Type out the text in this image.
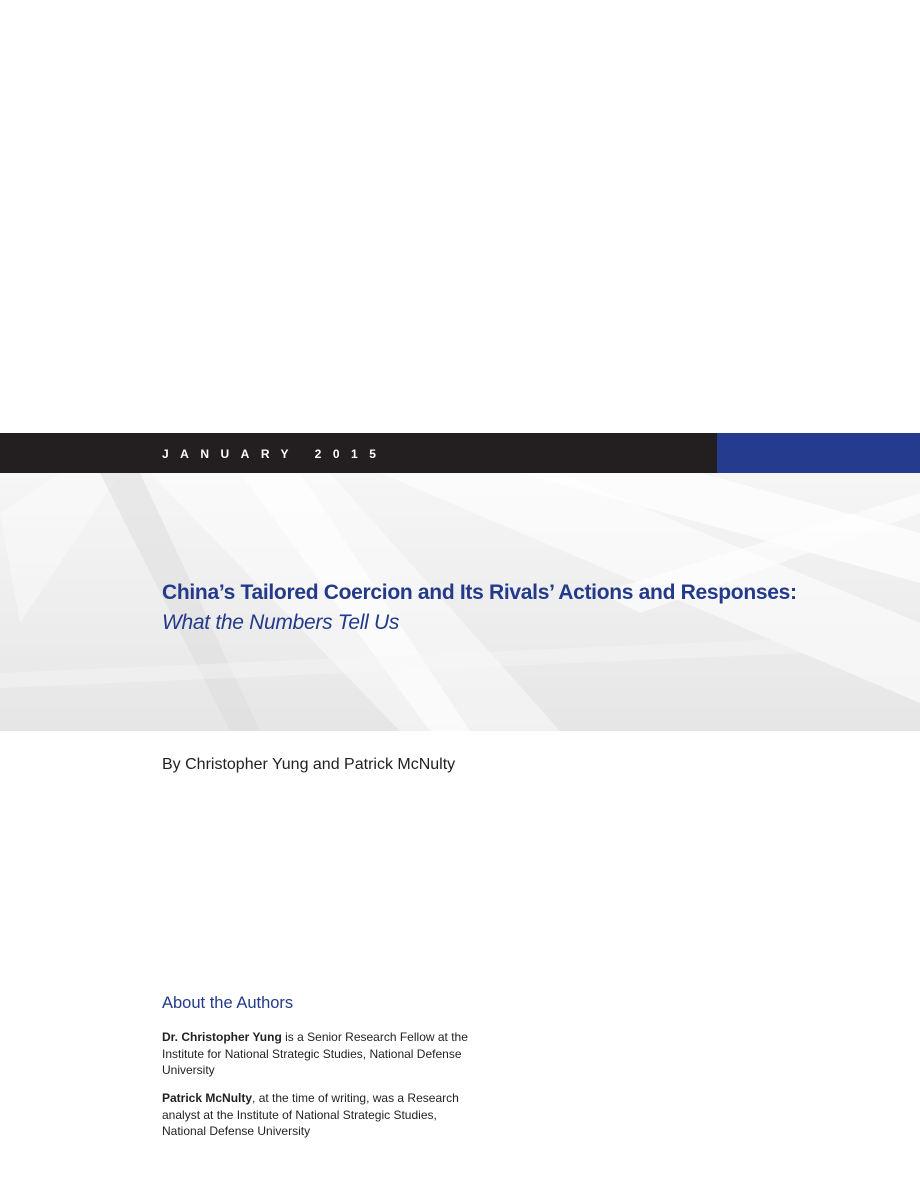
JANUARY 2015
China’s Tailored Coercion and Its Rivals’ Actions and Responses:
What the Numbers Tell Us
By Christopher Yung and Patrick McNulty
About the Authors

Dr. Christopher Yung is a Senior Research Fellow at the Institute for National Strategic Studies, National Defense University

Patrick McNulty, at the time of writing, was a Research analyst at the Institute of National Strategic Studies, National Defense University
